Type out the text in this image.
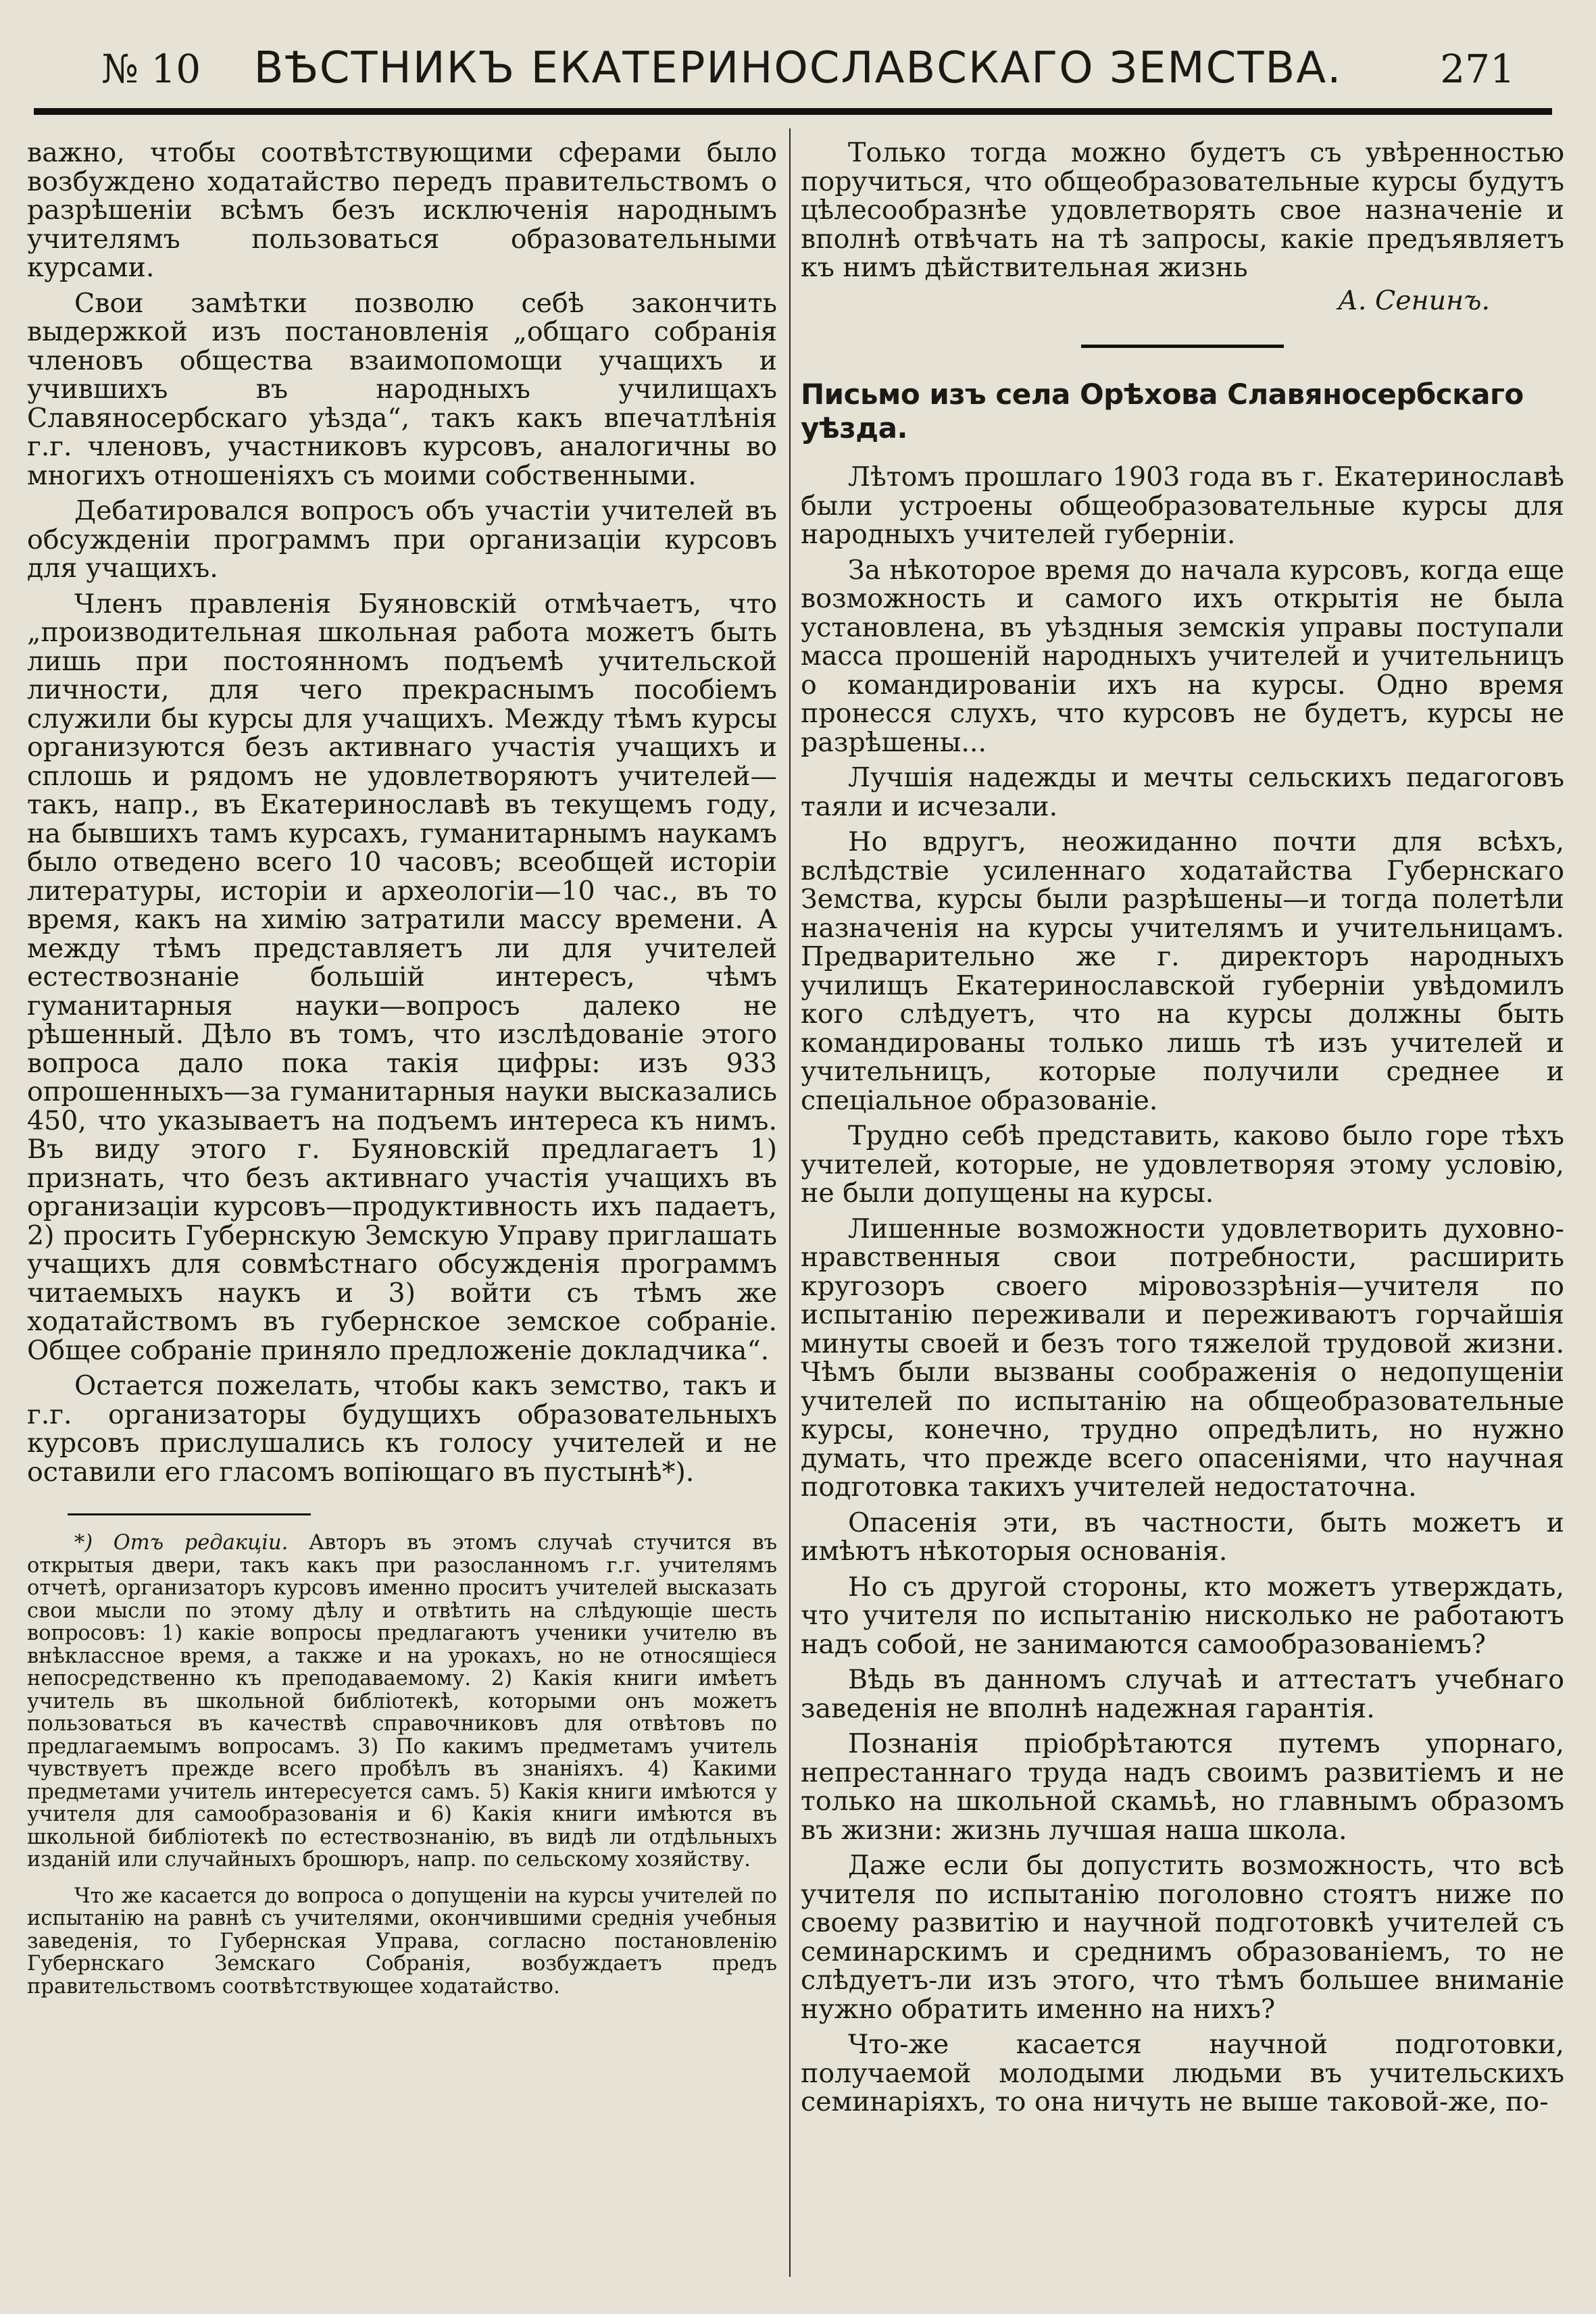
№ 10	ВѢСТНИКЪ ЕКАТЕРИНОСЛАВСКАГО ЗЕМСТВА.	271

важно, чтобы соотвѣтствующими сферами было возбуждено ходатайство передъ правительствомъ о разрѣшеніи всѣмъ безъ исключенія народнымъ учителямъ пользоваться образовательными курсами.

Свои замѣтки позволю себѣ закончить выдержкой изъ постановленія „общаго собранія членовъ общества взаимопомощи учащихъ и учившихъ въ народныхъ училищахъ Славяносербскаго уѣзда“, такъ какъ впечатлѣнія г.г. членовъ, участниковъ курсовъ, аналогичны во многихъ отношеніяхъ съ моими собственными.

Дебатировался вопросъ объ участіи учителей въ обсужденіи программъ при организаціи курсовъ для учащихъ.

Членъ правленія Буяновскій отмѣчаетъ, что „производительная школьная работа можетъ быть лишь при постоянномъ подъемѣ учительской личности, для чего прекраснымъ пособіемъ служили бы курсы для учащихъ. Между тѣмъ курсы организуются безъ активнаго участія учащихъ и сплошь и рядомъ не удовлетворяютъ учителей—такъ, напр., въ Екатеринославѣ въ текущемъ году, на бывшихъ тамъ курсахъ, гуманитарнымъ наукамъ было отведено всего 10 часовъ; всеобщей исторіи литературы, исторіи и археологіи—10 час., въ то время, какъ на химію затратили массу времени. А между тѣмъ представляетъ ли для учителей естествознаніе большій интересъ, чѣмъ гуманитарныя науки—вопросъ далеко не рѣшенный. Дѣло въ томъ, что изслѣдованіе этого вопроса дало пока такія цифры: изъ 933 опрошенныхъ—за гуманитарныя науки высказались 450, что указываетъ на подъемъ интереса къ нимъ. Въ виду этого г. Буяновскій предлагаетъ 1) признать, что безъ активнаго участія учащихъ въ организаціи курсовъ—продуктивность ихъ падаетъ, 2) просить Губернскую Земскую Управу приглашать учащихъ для совмѣстнаго обсужденія программъ читаемыхъ наукъ и 3) войти съ тѣмъ же ходатайствомъ въ губернское земское собраніе. Общее собраніе приняло предложеніе докладчика“.

Остается пожелать, чтобы какъ земство, такъ и г.г. организаторы будущихъ образовательныхъ курсовъ прислушались къ голосу учителей и не оставили его гласомъ вопіющаго въ пустынѣ*).

*) Отъ редакціи. Авторъ въ этомъ случаѣ стучится въ открытыя двери, такъ какъ при разосланномъ г.г. учителямъ отчетѣ, организаторъ курсовъ именно проситъ учителей высказать свои мысли по этому дѣлу и отвѣтить на слѣдующіе шесть вопросовъ: 1) какіе вопросы предлагаютъ ученики учителю въ внѣклассное время, а также и на урокахъ, но не относящіеся непосредственно къ преподаваемому. 2) Какія книги имѣетъ учитель въ школьной библіотекѣ, которыми онъ можетъ пользоваться въ качествѣ справочниковъ для отвѣтовъ по предлагаемымъ вопросамъ. 3) По какимъ предметамъ учитель чувствуетъ прежде всего пробѣлъ въ знаніяхъ. 4) Какими предметами учитель интересуется самъ. 5) Какія книги имѣются у учителя для самообразованія и 6) Какія книги имѣются въ школьной библіотекѣ по естествознанію, въ видѣ ли отдѣльныхъ изданій или случайныхъ брошюръ, напр. по сельскому хозяйству.

Что же касается до вопроса о допущеніи на курсы учителей по испытанію на равнѣ съ учителями, окончившими среднія учебныя заведенія, то Губернская Управа, согласно постановленію Губернскаго Земскаго Собранія, возбуждаетъ предъ правительствомъ соотвѣтствующее ходатайство.

Только тогда можно будетъ съ увѣренностью поручиться, что общеобразовательные курсы будутъ цѣлесообразнѣе удовлетворять свое назначеніе и вполнѣ отвѣчать на тѣ запросы, какіе предъявляетъ къ нимъ дѣйствительная жизнь

А. Сенинъ.
Письмо изъ села Орѣхова Славяносербскаго уѣзда.

Лѣтомъ прошлаго 1903 года въ г. Екатеринославѣ были устроены общеобразовательные курсы для народныхъ учителей губерніи.

За нѣкоторое время до начала курсовъ, когда еще возможность и самого ихъ открытія не была установлена, въ уѣздныя земскія управы поступали масса прошеній народныхъ учителей и учительницъ о командированіи ихъ на курсы. Одно время пронесся слухъ, что курсовъ не будетъ, курсы не разрѣшены...

Лучшія надежды и мечты сельскихъ педагоговъ таяли и исчезали.

Но вдругъ, неожиданно почти для всѣхъ, вслѣдствіе усиленнаго ходатайства Губернскаго Земства, курсы были разрѣшены—и тогда полетѣли назначенія на курсы учителямъ и учительницамъ. Предварительно же г. директоръ народныхъ училищъ Екатеринославской губерніи увѣдомилъ кого слѣдуетъ, что на курсы должны быть командированы только лишь тѣ изъ учителей и учительницъ, которые получили среднее и спеціальное образованіе.

Трудно себѣ представить, каково было горе тѣхъ учителей, которые, не удовлетворяя этому условію, не были допущены на курсы.

Лишенные возможности удовлетворить духовно-нравственныя свои потребности, расширить кругозоръ своего міровоззрѣнія—учителя по испытанію переживали и переживаютъ горчайшія минуты своей и безъ того тяжелой трудовой жизни. Чѣмъ были вызваны соображенія о недопущеніи учителей по испытанію на общеобразовательные курсы, конечно, трудно опредѣлить, но нужно думать, что прежде всего опасеніями, что научная подготовка такихъ учителей недостаточна.

Опасенія эти, въ частности, быть можетъ и имѣютъ нѣкоторыя основанія.

Но съ другой стороны, кто можетъ утверждать, что учителя по испытанію нисколько не работаютъ надъ собой, не занимаются самообразованіемъ?

Вѣдь въ данномъ случаѣ и аттестатъ учебнаго заведенія не вполнѣ надежная гарантія.

Познанія пріобрѣтаются путемъ упорнаго, непрестаннаго труда надъ своимъ развитіемъ и не только на школьной скамьѣ, но главнымъ образомъ въ жизни: жизнь лучшая наша школа.

Даже если бы допустить возможность, что всѣ учителя по испытанію поголовно стоятъ ниже по своему развитію и научной подготовкѣ учителей съ семинарскимъ и среднимъ образованіемъ, то не слѣдуетъ-ли изъ этого, что тѣмъ большее вниманіе нужно обратить именно на нихъ?

Что-же касается научной подготовки, получаемой молодыми людьми въ учительскихъ семинаріяхъ, то она ничуть не выше таковой-же, по-
